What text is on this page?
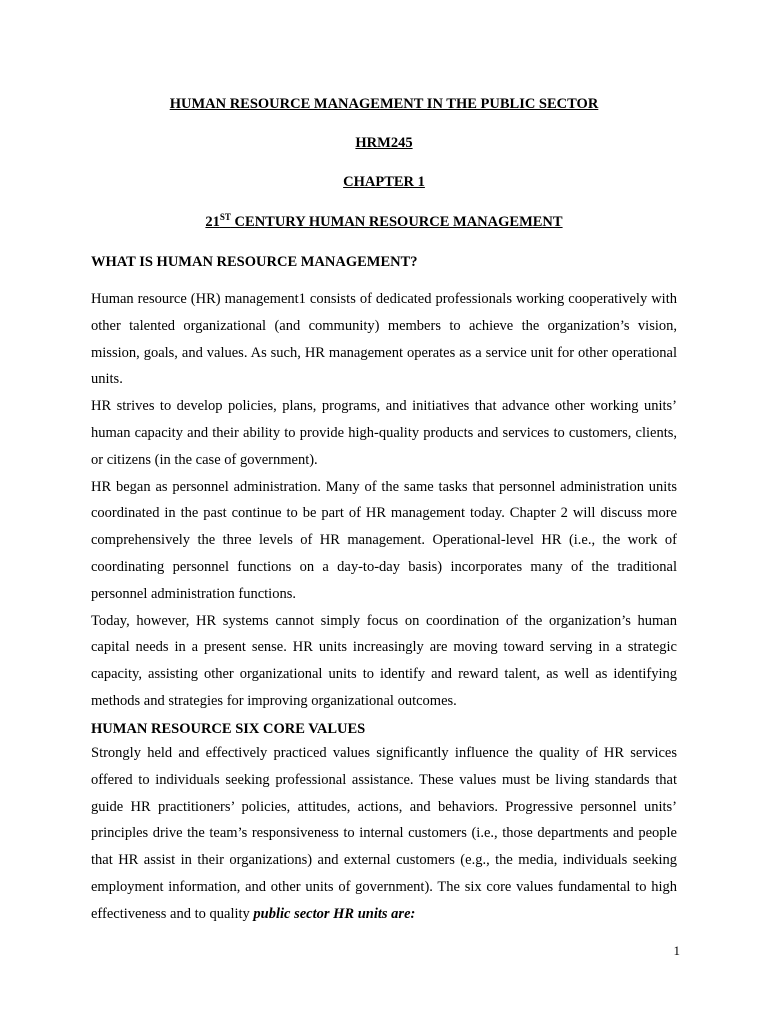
HUMAN RESOURCE MANAGEMENT IN THE PUBLIC SECTOR
HRM245
CHAPTER 1
21ST CENTURY HUMAN RESOURCE MANAGEMENT
WHAT IS HUMAN RESOURCE MANAGEMENT?

Human resource (HR) management1 consists of dedicated professionals working cooperatively with other talented organizational (and community) members to achieve the organization’s vision, mission, goals, and values. As such, HR management operates as a service unit for other operational units.

HR strives to develop policies, plans, programs, and initiatives that advance other working units’ human capacity and their ability to provide high-quality products and services to customers, clients, or citizens (in the case of government).

HR began as personnel administration. Many of the same tasks that personnel administration units coordinated in the past continue to be part of HR management today. Chapter 2 will discuss more comprehensively the three levels of HR management. Operational-level HR (i.e., the work of coordinating personnel functions on a day-to-day basis) incorporates many of the traditional personnel administration functions.

Today, however, HR systems cannot simply focus on coordination of the organization’s human capital needs in a present sense. HR units increasingly are moving toward serving in a strategic capacity, assisting other organizational units to identify and reward talent, as well as identifying methods and strategies for improving organizational outcomes.

HUMAN RESOURCE SIX CORE VALUES

Strongly held and effectively practiced values significantly influence the quality of HR services offered to individuals seeking professional assistance. These values must be living standards that guide HR practitioners’ policies, attitudes, actions, and behaviors. Progressive personnel units’ principles drive the team’s responsiveness to internal customers (i.e., those departments and people that HR assist in their organizations) and external customers (e.g., the media, individuals seeking employment information, and other units of government). The six core values fundamental to high effectiveness and to quality public sector HR units are:

1
